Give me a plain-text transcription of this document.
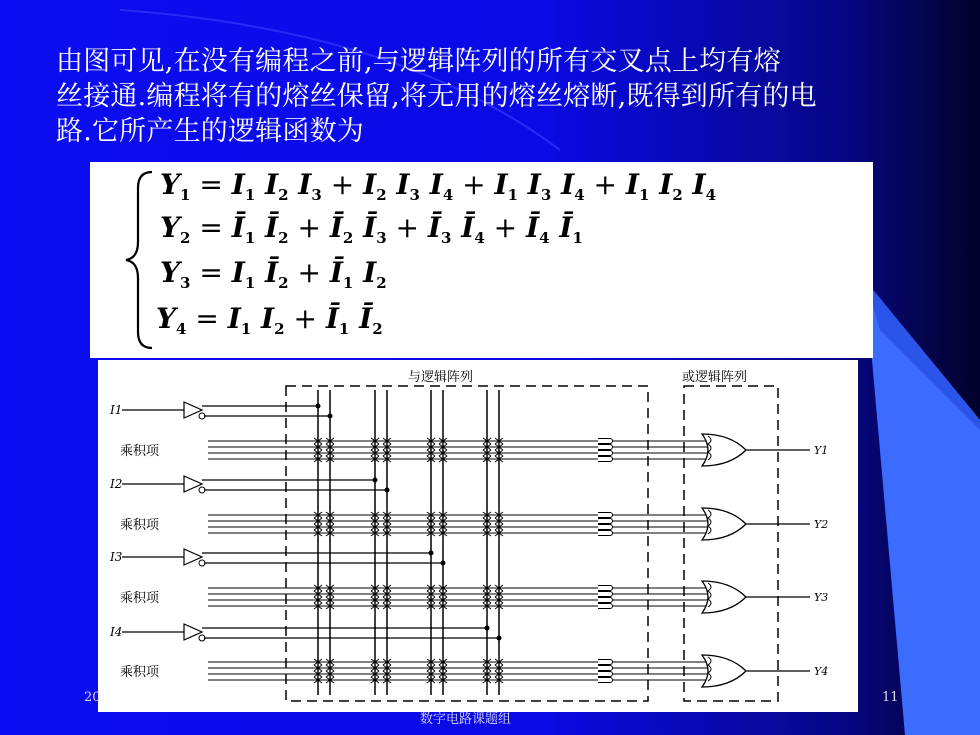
由图可见,在没有编程之前,与逻辑阵列的所有交叉点上均有熔
丝接通.编程将有的熔丝保留,将无用的熔丝熔断,既得到所有的电
路.它所产生的逻辑函数为
$Y_1 = I_1$ $I_2$ $I_3 + I_2$ $I_3$ $I_4 + I_1$ $I_3$ $I_4 + I_1$ $I_2$ $I_4$
$Y_2$ = $Ī_1$ $Ī_2$ + $Ī_2$ $Ī_3$ + $Ī_3$ $Ī_4$ + $Ī_4$ $Ī_1$
$Y_3 = I_1$ $Ī_2$ + $Ī_1$ $I_2$
$Y_4 = I_1$ $I_2$ + $Ī_1$ $Ī_2$
与逻辑阵列	或逻辑阵列
I1
乘积项	Y1
I2
乘积项	Y2
I3
乘积项	Y3
I4
乘积项	Y4
20
数字电路课题组
11
